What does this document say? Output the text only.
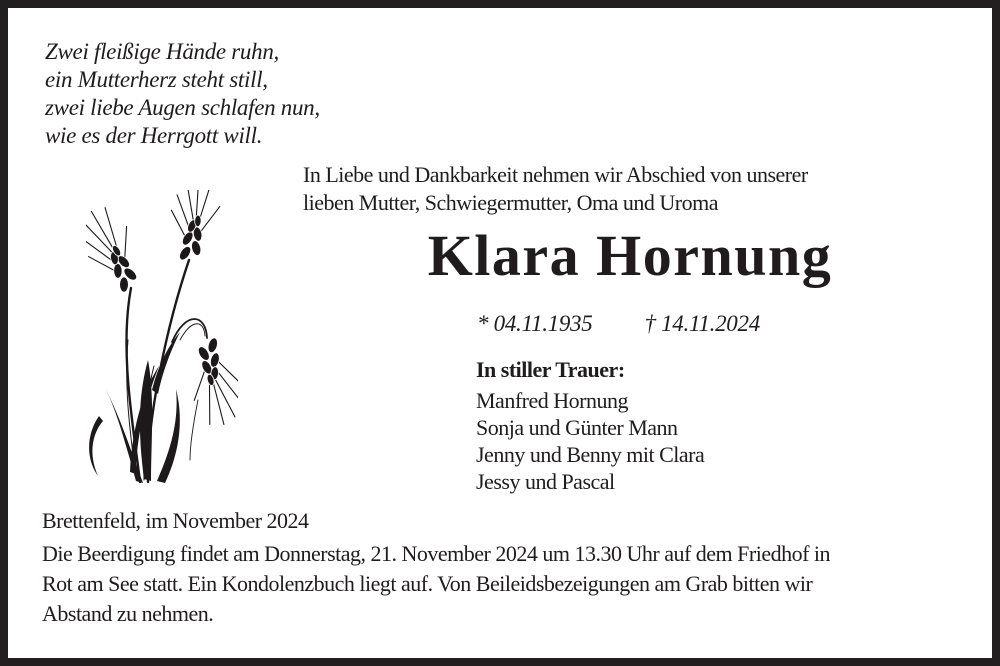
Zwei fleißige Hände ruhn,
ein Mutterherz steht still,
zwei liebe Augen schlafen nun,
wie es der Herrgott will.
In Liebe und Dankbarkeit nehmen wir Abschied von unserer
lieben Mutter, Schwiegermutter, Oma und Uroma
Klara Hornung
* 04.11.1935 † 14.11.2024
In stiller Trauer:
Manfred Hornung
Sonja und Günter Mann
Jenny und Benny mit Clara
Jessy und Pascal
Brettenfeld, im November 2024
Die Beerdigung findet am Donnerstag, 21. November 2024 um 13.30 Uhr auf dem Friedhof in
Rot am See statt. Ein Kondolenzbuch liegt auf. Von Beileidsbezeigungen am Grab bitten wir
Abstand zu nehmen.
